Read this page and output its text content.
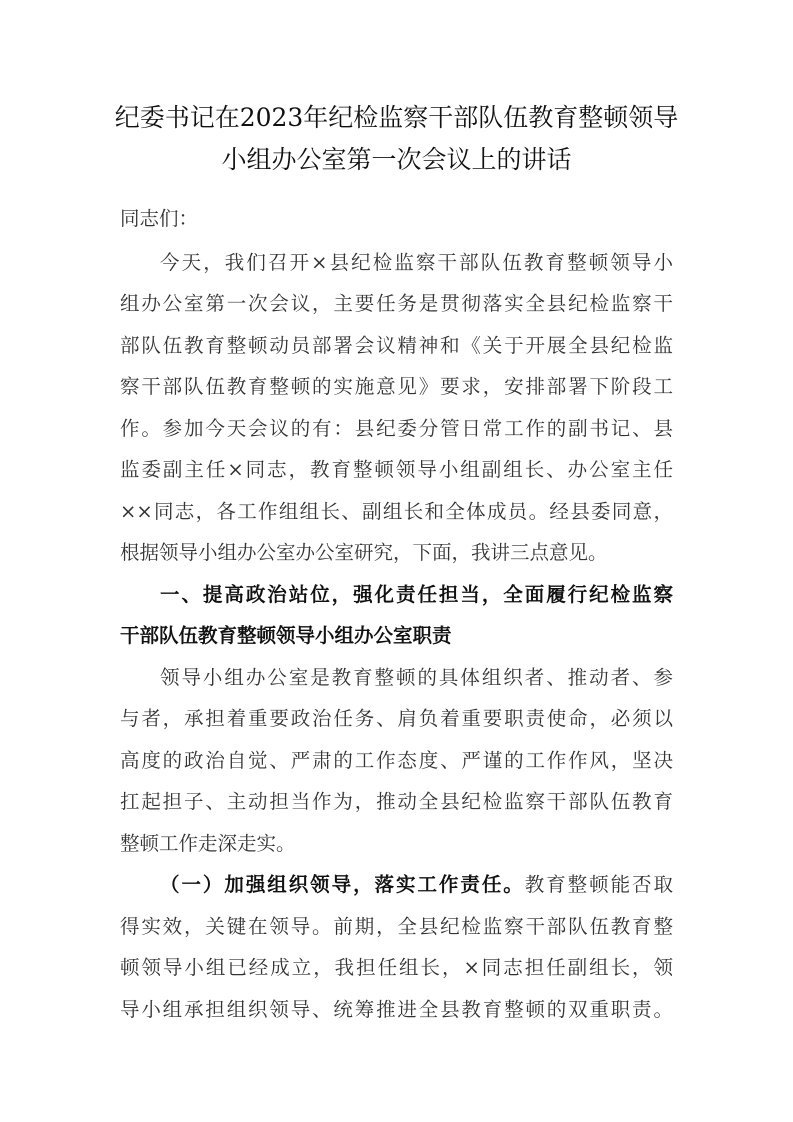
纪委书记在2023年纪检监察干部队伍教育整顿领导
小组办公室第一次会议上的讲话
同志们：
今天，我们召开×县纪检监察干部队伍教育整顿领导小
组办公室第一次会议，主要任务是贯彻落实全县纪检监察干
部队伍教育整顿动员部署会议精神和《关于开展全县纪检监
察干部队伍教育整顿的实施意见》要求，安排部署下阶段工
作。参加今天会议的有：县纪委分管日常工作的副书记、县
监委副主任×同志，教育整顿领导小组副组长、办公室主任
××同志，各工作组组长、副组长和全体成员。经县委同意，
根据领导小组办公室办公室研究，下面，我讲三点意见。
一、提高政治站位，强化责任担当，全面履行纪检监察
干部队伍教育整顿领导小组办公室职责
领导小组办公室是教育整顿的具体组织者、推动者、参
与者，承担着重要政治任务、肩负着重要职责使命，必须以
高度的政治自觉、严肃的工作态度、严谨的工作作风，坚决
扛起担子、主动担当作为，推动全县纪检监察干部队伍教育
整顿工作走深走实。
（一）加强组织领导，落实工作责任。教育整顿能否取
得实效，关键在领导。前期，全县纪检监察干部队伍教育整
顿领导小组已经成立，我担任组长，×同志担任副组长，领
导小组承担组织领导、统筹推进全县教育整顿的双重职责。
